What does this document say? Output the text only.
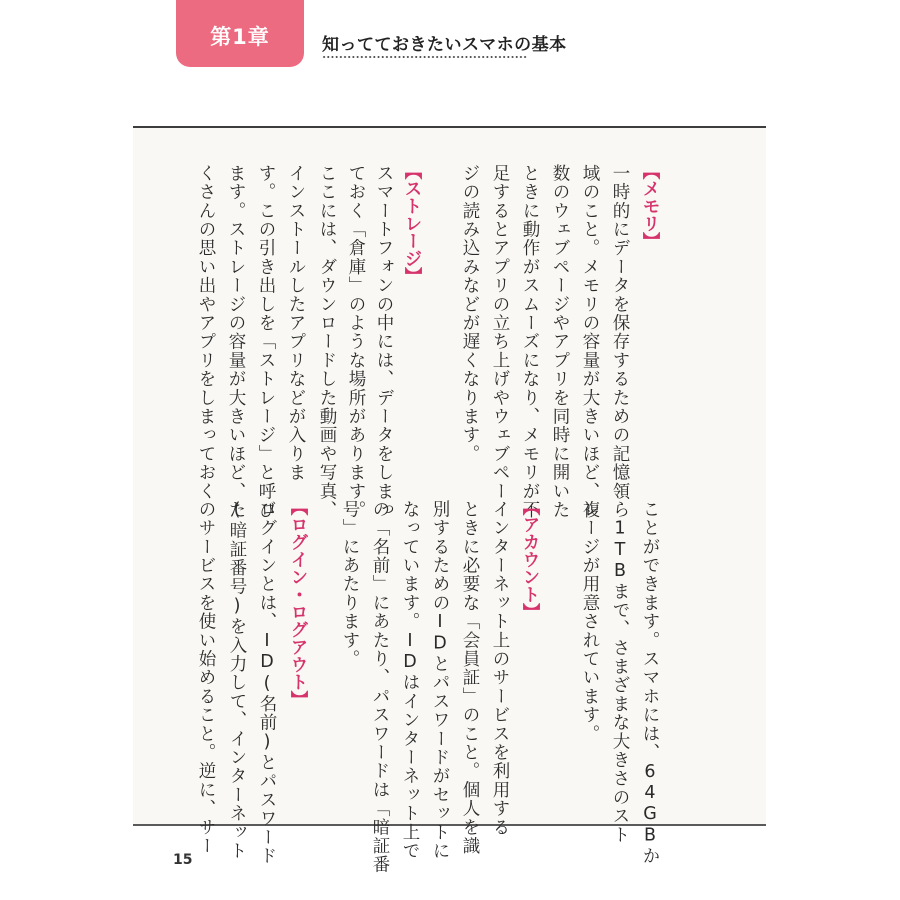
第1章	知ってておきたいスマホの基本
【メモリ】
一時的にデータを保存するための記憶領
域のこと。メモリの容量が大きいほど、複
数のウェブページやアプリを同時に開いた
ときに動作がスムーズになり、メモリが不
足するとアプリの立ち上げやウェブペー
ジの読み込みなどが遅くなります。
【ストレージ】
スマートフォンの中には、データをしまっ
ておく「倉庫」のような場所があります。
ここには、ダウンロードした動画や写真、
インストールしたアプリなどが入りま
す。この引き出しを「ストレージ」と呼び
ます。ストレージの容量が大きいほど、た
くさんの思い出やアプリをしまっておく
ことができます。スマホには、64GBか
ら1TBまで、さまざまな大きさのスト
レージが用意されています。
【アカウント】
インターネット上のサービスを利用する
ときに必要な「会員証」のこと。個人を識
別するためのIDとパスワードがセットに
なっています。IDはインターネット上で
の「名前」にあたり、パスワードは「暗証番
号」にあたります。
【ログイン・ログアウト】
ログインとは、ID(名前)とパスワード
(暗証番号)を入力して、インターネット
のサービスを使い始めること。逆に、サー
15
